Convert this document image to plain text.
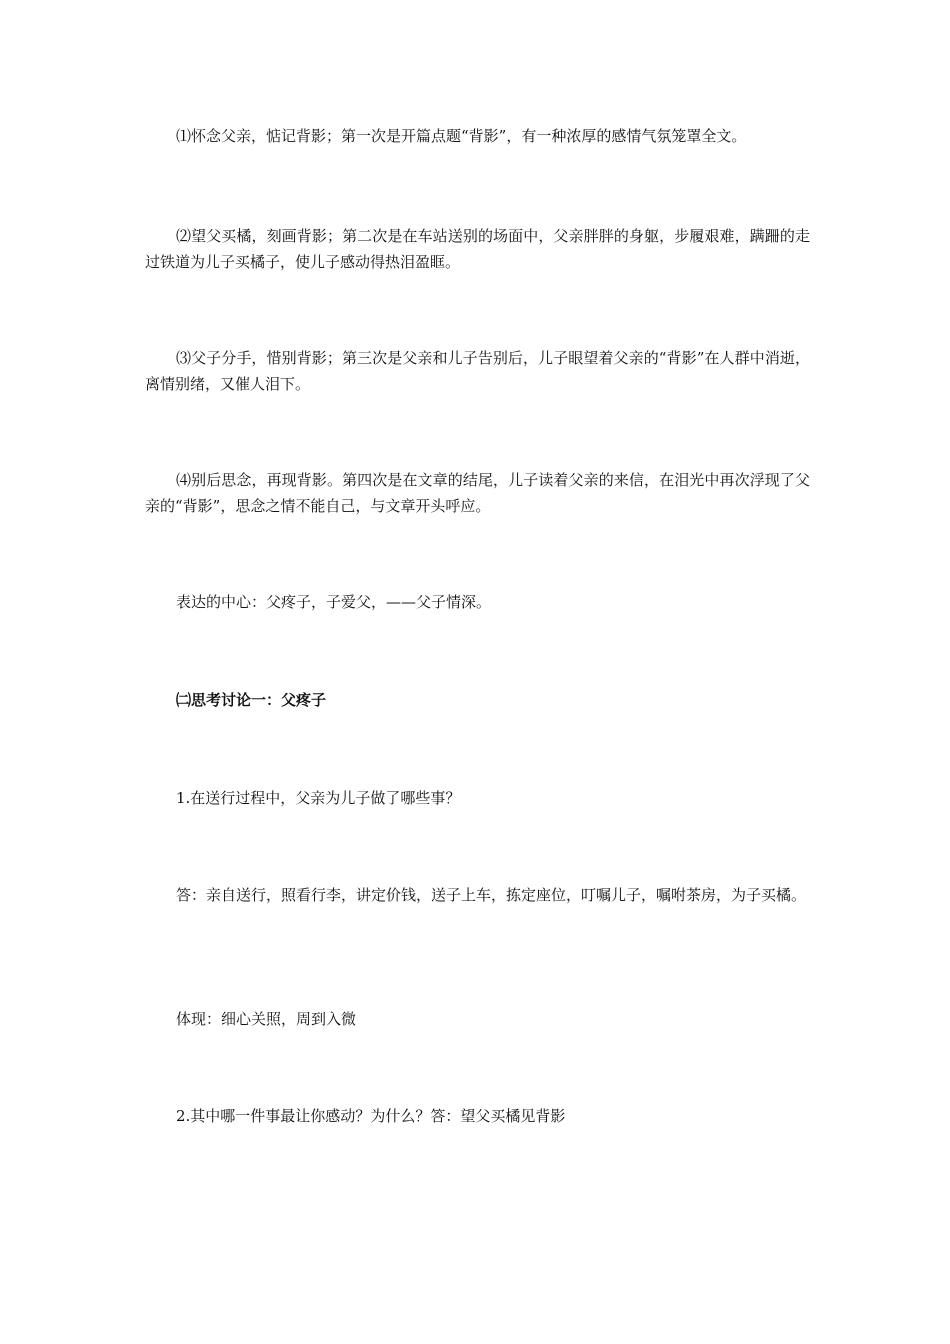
⑴怀念父亲，惦记背影；第一次是开篇点题“背影”，有一种浓厚的感情气氛笼罩全文。

⑵望父买橘，刻画背影；第二次是在车站送别的场面中，父亲胖胖的身躯，步履艰难，蹒跚的走过铁道为儿子买橘子，使儿子感动得热泪盈眶。

⑶父子分手，惜别背影；第三次是父亲和儿子告别后，儿子眼望着父亲的“背影”在人群中消逝，离情别绪，又催人泪下。

⑷别后思念，再现背影。第四次是在文章的结尾，儿子读着父亲的来信，在泪光中再次浮现了父亲的“背影”，思念之情不能自己，与文章开头呼应。

表达的中心：父疼子，子爱父，——父子情深。

㈡思考讨论一：父疼子

1.在送行过程中，父亲为儿子做了哪些事？

答：亲自送行，照看行李，讲定价钱，送子上车，拣定座位，叮嘱儿子，嘱咐茶房，为子买橘。

体现：细心关照，周到入微

2.其中哪一件事最让你感动？为什么？答：望父买橘见背影
